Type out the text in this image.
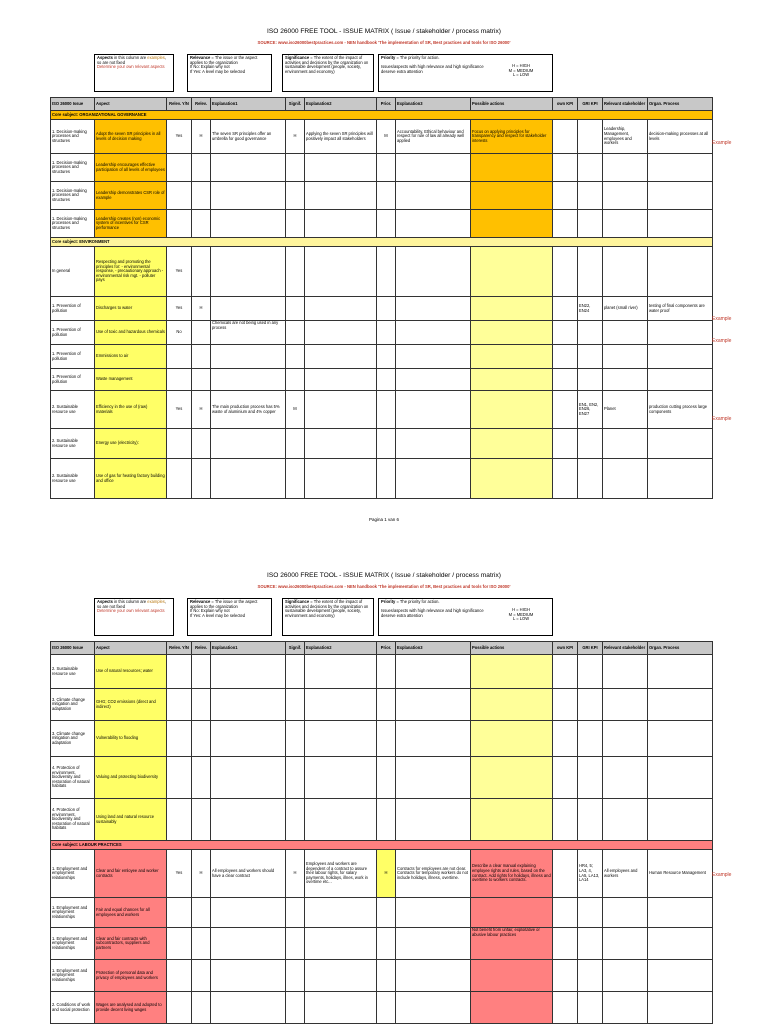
ISO 26000 FREE TOOL - ISSUE MATRIX ( Issue / stakeholder / process matrix)
SOURCE: www.iso26000bestpractices.com - NEN handbook 'The implementation of SR, Best practices and tools for ISO 26000'
Aspects in this column are examples, so are not fixed
Determine your own relevant aspects
Relevance = The issue or the aspect applies to the organization
If No: Explain why not
If Yes: A level may be selected
Significance = The extent of the impact of activities and decisions by the organization on sustainable development (people, society, environment and economy)
H = HIGH
M = MEDIUM
L = LOW
Priority = The priority for action.

Issues/aspects with high relevance and high significance deserve extra attention
ISO 26000 Issue	Aspect	Relev. Y/N	Relev.	Explanation1	Signif.	Explanation2	Prior.	Explanation3	Possible actions	own KPI	GRI KPI	Relevant stakeholder	Organ. Process
Core subject: ORGANIZATIONAL GOVERNANCE													
1. Decision-making processes and structures	Adopt the seven SR principles in all levels of decision making	Yes	H	The seven SR principles offer an umbrella for good governance	H	Applying the seven SR principles will positively impact all stakeholders	M	Accountability, Ethical behaviour and respect for rule of law all already well applied	Focus on applying principles for transparency and respect for stakeholder interests			Leadership, Management, employees and workers	decision-making processes at all levels
1. Decision-making processes and structures	Leadership encourages effective participation of all levels of employees												
1. Decision-making processes and structures	Leadership demonstrates CSR role of example												
1. Decision-making processes and structures	Leadership creates (non) economic system of incentives for CSR performance												
Core subject: ENVIRONMENT													
In general	Respecting and promoting the principles for: - environmental response, - precautionary approach - environmental risk mgt. - polluter pays	Yes											
1. Prevention of pollution	Discharges to water	Yes	H								EN22, EN24	planet (small river)	testing of final components are water proof
1. Prevention of pollution	Use of toxic and hazardous chemicals	No		Chemicals are not being used in any process									
1. Prevention of pollution	Emmissions to air												
1. Prevention of pollution	Waste management												
2. Sustainable resource use	Efficiency in the use of (raw) materials	Yes	H	The main production process has 5% waste of aluminium and 4% copper	M						EN1, EN2, EN26, EN27	Planet	production cutting process large components
2. Sustainable resource use	Energy use (electricity):												
2. Sustainable resource use	Use of gas for heating factory building and office												
Example
Example
Example
Example
Pagina 1 van 6
ISO 26000 FREE TOOL - ISSUE MATRIX ( Issue / stakeholder / process matrix)
SOURCE: www.iso26000bestpractices.com - NEN handbook 'The implementation of SR, Best practices and tools for ISO 26000'
Aspects in this column are examples, so are not fixed
Determine your own relevant aspects
Relevance = The issue or the aspect applies to the organization
If No: Explain why not
If Yes: A level may be selected
Significance = The extent of the impact of activities and decisions by the organization on sustainable development (people, society, environment and economy)
H = HIGH
M = MEDIUM
L = LOW
Priority = The priority for action.

Issues/aspects with high relevance and high significance deserve extra attention
ISO 26000 Issue	Aspect	Relev. Y/N	Relev.	Explanation1	Signif.	Explanation2	Prior.	Explanation3	Possible actions	own KPI	GRI KPI	Relevant stakeholder	Organ. Process
2. Sustainable resource use	Use of natural resources; water												
3. Climate change mitigation and adaptation	GHG; CO2 emissions (direct and indirect)												
3. Climate change mitigation and adaptation	Vulnerability to flooding												
4. Protection of environment, biodiversity and restoration of natural habitats	Valuing and protecting biodiversity												
4. Protection of environment, biodiversity and restoration of natural habitats	Using land and natural resource sustainably												
Core subject: LABOUR PRACTICES													
1. Employment and employment relationships	Clear and fair emloyee and worker contracts	Yes	H	All employees and workers should have a clear contract	H	Employees and workers are dependent of a contract to assure their labour rights, for salary payments, holidays, illnes, work in overtime etc...	H	Contracts for employees are not clear. Contracts for temporary workers do not include holidays, illness, overtime.	Describe a clear manual explaining employee rights and rules, based on the contract. Add rights for holidays, illness and overtime to workers contracts.		HR4, 5; LA3, 4, LA5, LA13, LA14	All employees and workers	Human Resource Management
1. Employment and employment relationships	Fair and equal chances for all employees and workers												
1. Employment and employment relationships	Clear and fair contracts with subcontractors, suppliers and partners								Not benefit from unfair, exploitative or abusive labour practices				
1. Employment and employment relationships	Protection of personal data and privacy of employees and workers												
2. Conditions of work and social protection	Wages are analysed and adopted to provide decent living wages												
Example
